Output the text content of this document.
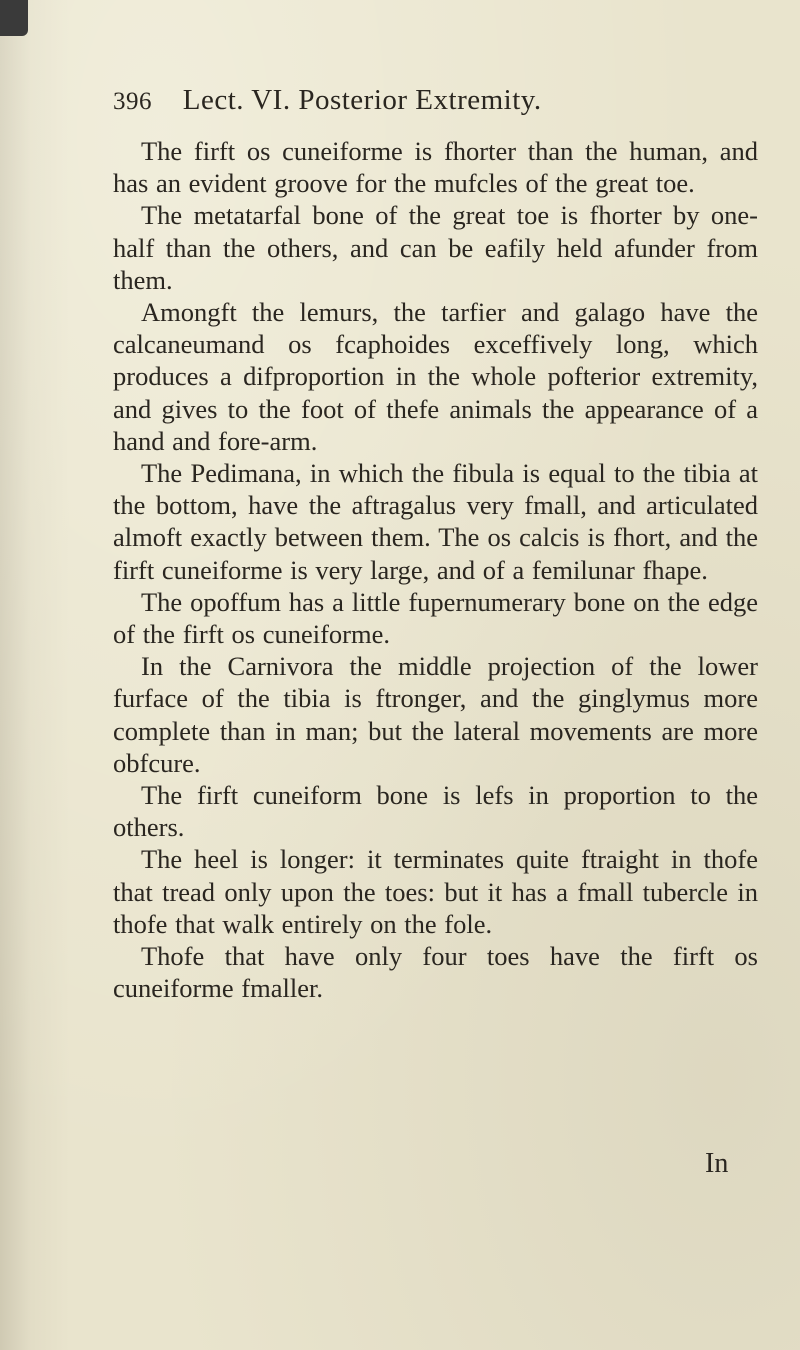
396 Lect. VI. Posterior Extremity.

The firft os cuneiforme is fhorter than the human, and has an evident groove for the mufcles of the great toe.

The metatarfal bone of the great toe is fhorter by one-half than the others, and can be eafily held afunder from them.

Amongft the lemurs, the tarfier and galago have the calcaneumand os fcaphoides exceffively long, which produces a difproportion in the whole pofterior extremity, and gives to the foot of thefe animals the appearance of a hand and fore-arm.

The Pedimana, in which the fibula is equal to the tibia at the bottom, have the aftragalus very fmall, and articulated almoft exactly between them. The os calcis is fhort, and the firft cuneiforme is very large, and of a femilunar fhape.

The opoffum has a little fupernumerary bone on the edge of the firft os cuneiforme.

In the Carnivora the middle projection of the lower furface of the tibia is ftronger, and the ginglymus more complete than in man; but the lateral movements are more obfcure.

The firft cuneiform bone is lefs in proportion to the others.

The heel is longer: it terminates quite ftraight in thofe that tread only upon the toes: but it has a fmall tubercle in thofe that walk entirely on the fole.

Thofe that have only four toes have the firft os cuneiforme fmaller.

In
